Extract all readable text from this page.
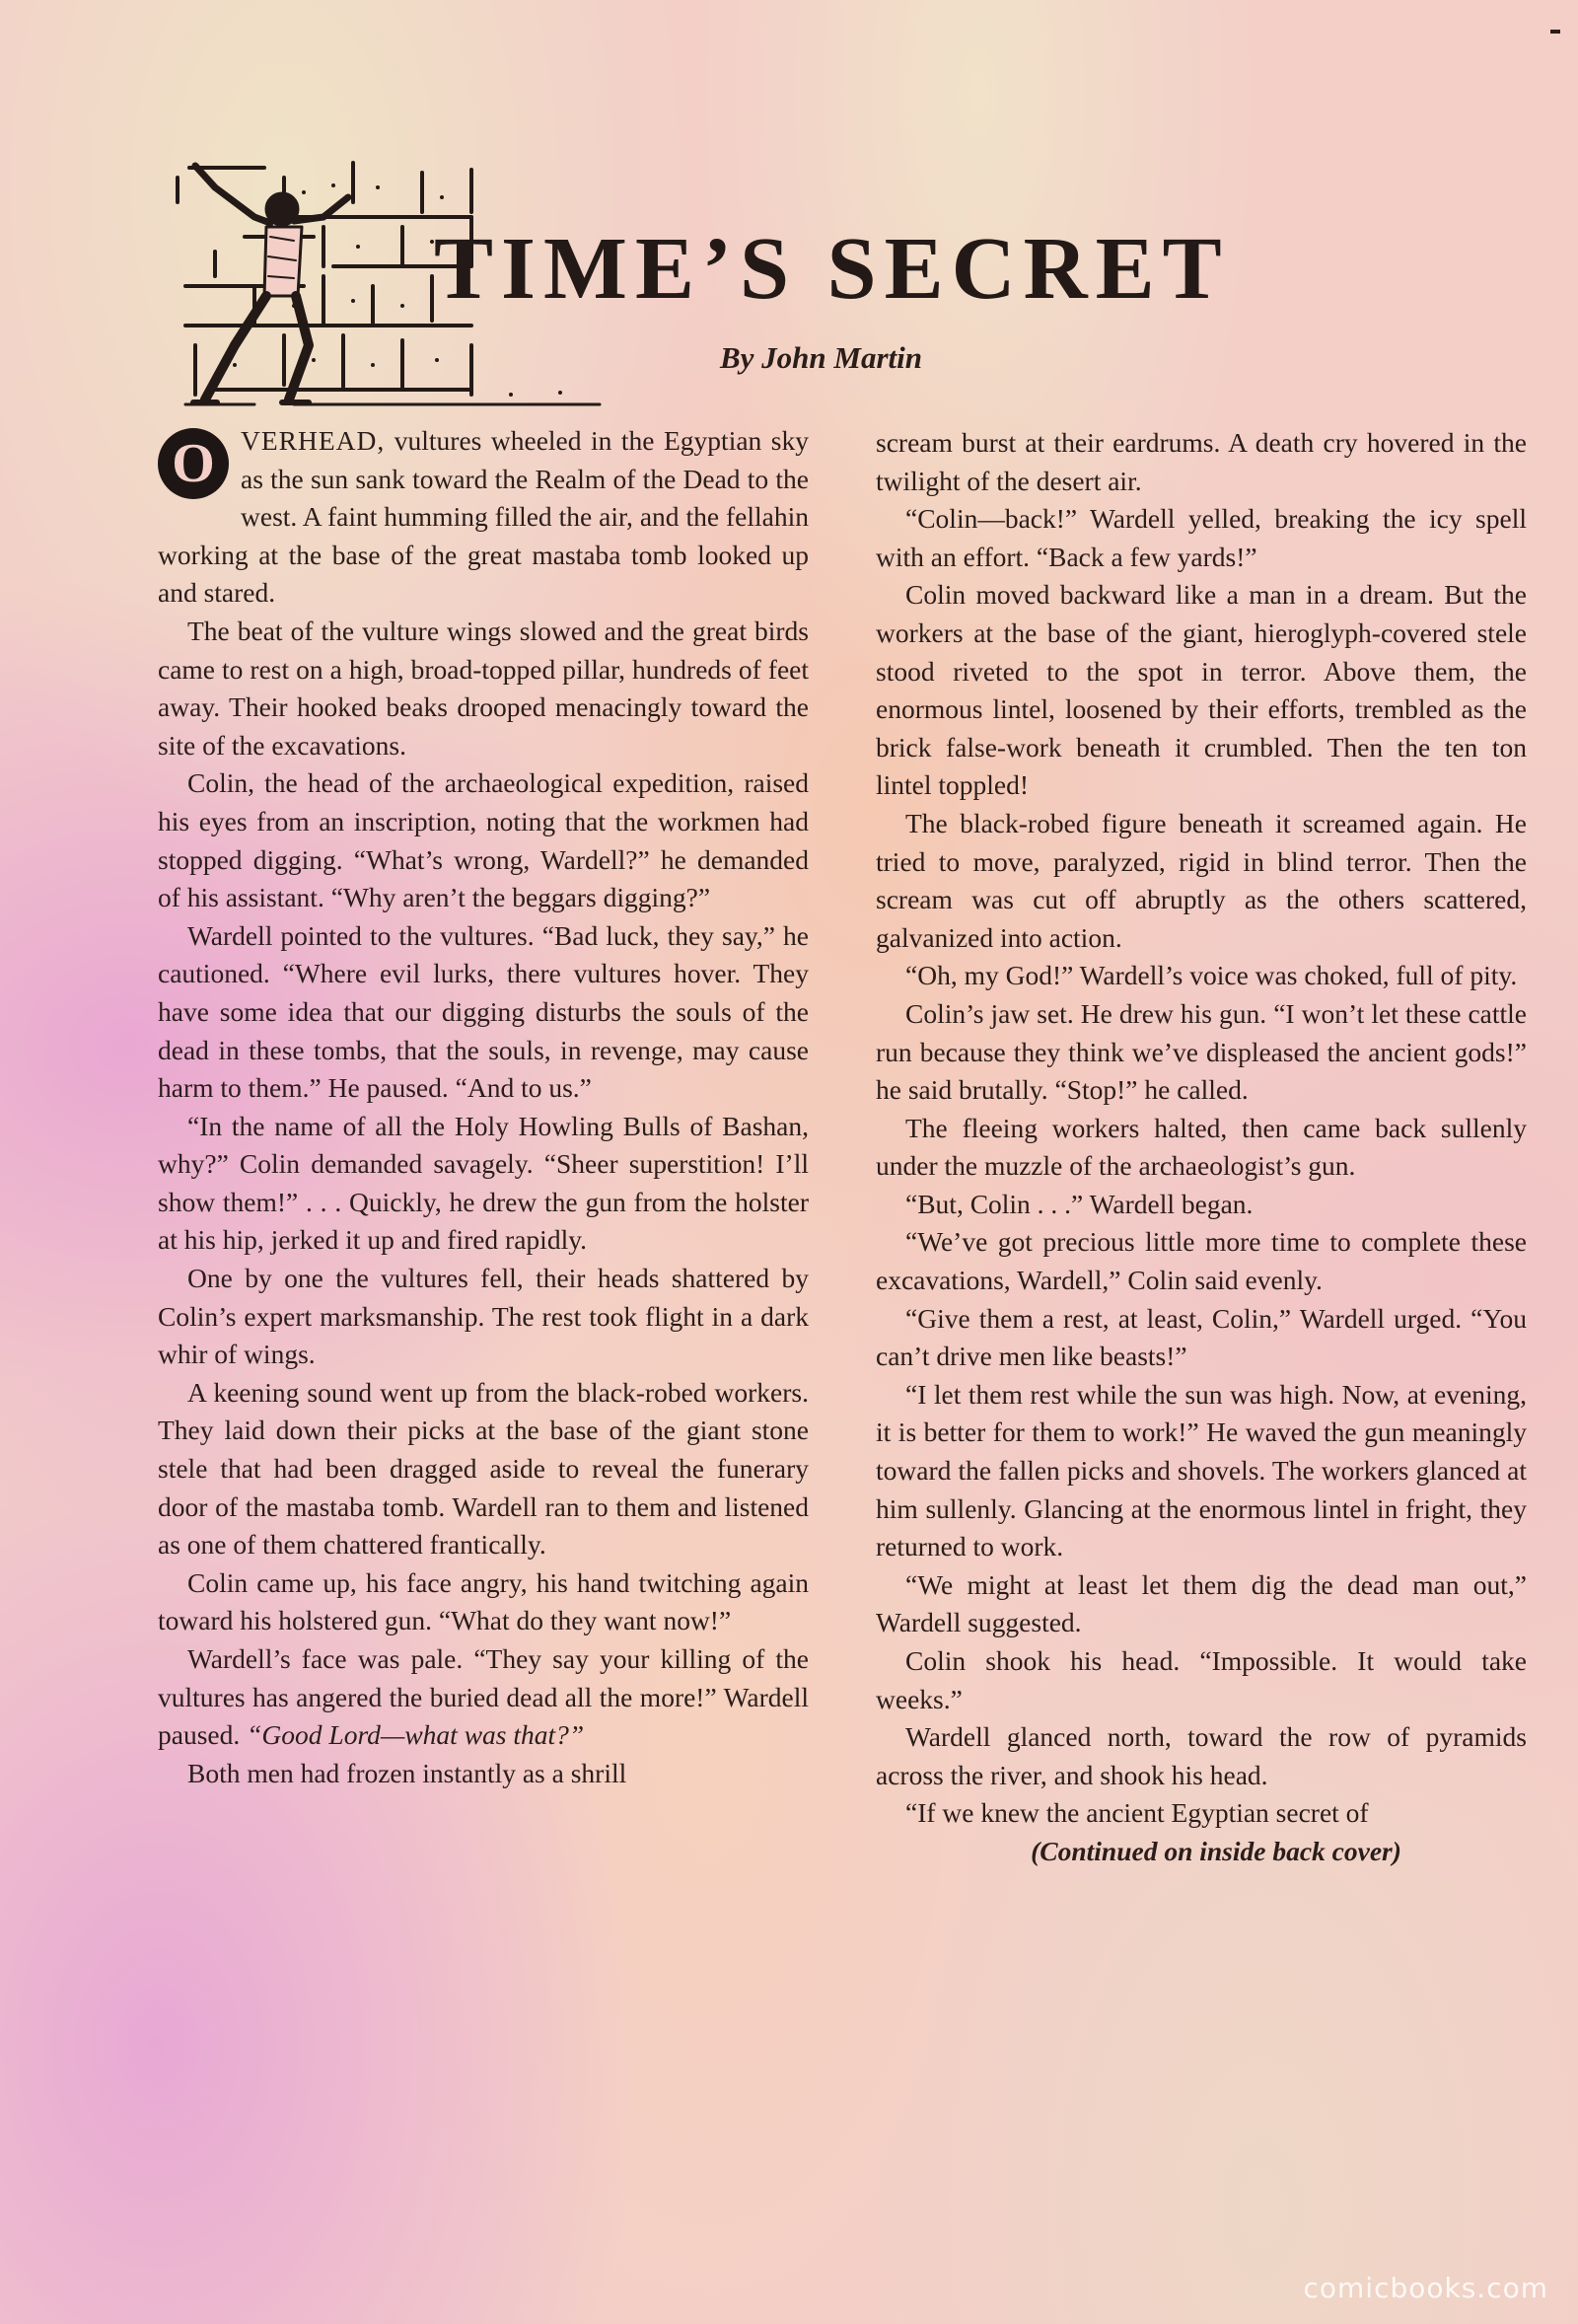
TIME’S SECRET
By John Martin

O VERHEAD, vultures wheeled in the Egyptian sky as the sun sank toward the Realm of the Dead to the west. A faint humming filled the air, and the fellahin working at the base of the great mastaba tomb looked up and stared.

The beat of the vulture wings slowed and the great birds came to rest on a high, broad-topped pillar, hundreds of feet away. Their hooked beaks drooped menacingly toward the site of the excavations.

Colin, the head of the archaeological expedition, raised his eyes from an inscription, noting that the workmen had stopped digging. “What’s wrong, Wardell?” he demanded of his assistant. “Why aren’t the beggars digging?”

Wardell pointed to the vultures. “Bad luck, they say,” he cautioned. “Where evil lurks, there vultures hover. They have some idea that our digging disturbs the souls of the dead in these tombs, that the souls, in revenge, may cause harm to them.” He paused. “And to us.”

“In the name of all the Holy Howling Bulls of Bashan, why?” Colin demanded savagely. “Sheer superstition! I’ll show them!” . . . Quickly, he drew the gun from the holster at his hip, jerked it up and fired rapidly.

One by one the vultures fell, their heads shattered by Colin’s expert marksmanship. The rest took flight in a dark whir of wings.

A keening sound went up from the black-robed workers. They laid down their picks at the base of the giant stone stele that had been dragged aside to reveal the funerary door of the mastaba tomb. Wardell ran to them and listened as one of them chattered frantically.

Colin came up, his face angry, his hand twitching again toward his holstered gun. “What do they want now!”

Wardell’s face was pale. “They say your killing of the vultures has angered the buried dead all the more!” Wardell paused. “Good Lord—what was that?”

Both men had frozen instantly as a shrill

scream burst at their eardrums. A death cry hovered in the twilight of the desert air.

“Colin—back!” Wardell yelled, breaking the icy spell with an effort. “Back a few yards!”

Colin moved backward like a man in a dream. But the workers at the base of the giant, hieroglyph-covered stele stood riveted to the spot in terror. Above them, the enormous lintel, loosened by their efforts, trembled as the brick false-work beneath it crumbled. Then the ten ton lintel toppled!

The black-robed figure beneath it screamed again. He tried to move, paralyzed, rigid in blind terror. Then the scream was cut off abruptly as the others scattered, galvanized into action.

“Oh, my God!” Wardell’s voice was choked, full of pity.

Colin’s jaw set. He drew his gun. “I won’t let these cattle run because they think we’ve displeased the ancient gods!” he said brutally. “Stop!” he called.

The fleeing workers halted, then came back sullenly under the muzzle of the archaeologist’s gun.

“But, Colin . . .” Wardell began.

“We’ve got precious little more time to complete these excavations, Wardell,” Colin said evenly.

“Give them a rest, at least, Colin,” Wardell urged. “You can’t drive men like beasts!”

“I let them rest while the sun was high. Now, at evening, it is better for them to work!” He waved the gun meaningly toward the fallen picks and shovels. The workers glanced at him sullenly. Glancing at the enormous lintel in fright, they returned to work.

“We might at least let them dig the dead man out,” Wardell suggested.

Colin shook his head. “Impossible. It would take weeks.”

Wardell glanced north, toward the row of pyramids across the river, and shook his head.

“If we knew the ancient Egyptian secret of

(Continued on inside back cover)

comicbooks.com
